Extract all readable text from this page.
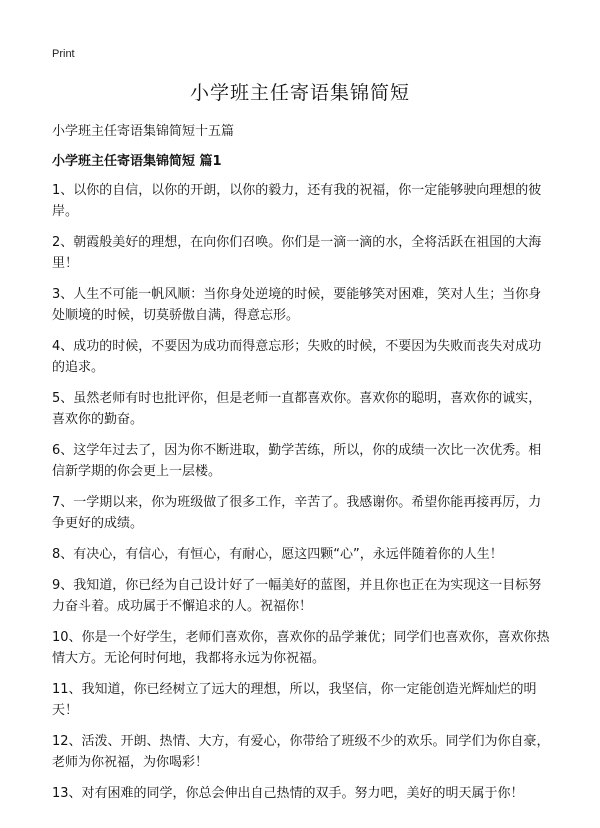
Print
小学班主任寄语集锦简短

小学班主任寄语集锦简短十五篇

小学班主任寄语集锦简短 篇1
1、以你的自信，以你的开朗，以你的毅力，还有我的祝福，你一定能够驶向理想的彼岸。
2、朝霞般美好的理想，在向你们召唤。你们是一滴一滴的水，全将活跃在祖国的大海里！
3、人生不可能一帆风顺：当你身处逆境的时候，要能够笑对困难，笑对人生；当你身处顺境的时候，切莫骄傲自满，得意忘形。
4、成功的时候，不要因为成功而得意忘形；失败的时候，不要因为失败而丧失对成功的追求。
5、虽然老师有时也批评你，但是老师一直都喜欢你。喜欢你的聪明，喜欢你的诚实，喜欢你的勤奋。
6、这学年过去了，因为你不断进取，勤学苦练，所以，你的成绩一次比一次优秀。相信新学期的你会更上一层楼。
7、一学期以来，你为班级做了很多工作，辛苦了。我感谢你。希望你能再接再厉，力争更好的成绩。
8、有决心，有信心，有恒心，有耐心，愿这四颗“心”，永远伴随着你的人生！
9、我知道，你已经为自己设计好了一幅美好的蓝图，并且你也正在为实现这一目标努力奋斗着。成功属于不懈追求的人。祝福你！
10、你是一个好学生，老师们喜欢你，喜欢你的品学兼优；同学们也喜欢你，喜欢你热情大方。无论何时何地，我都将永远为你祝福。
11、我知道，你已经树立了远大的理想，所以，我坚信，你一定能创造光辉灿烂的明天！
12、活泼、开朗、热情、大方，有爱心，你带给了班级不少的欢乐。同学们为你自豪，老师为你祝福，为你喝彩！
13、对有困难的同学，你总会伸出自己热情的双手。努力吧，美好的明天属于你！
